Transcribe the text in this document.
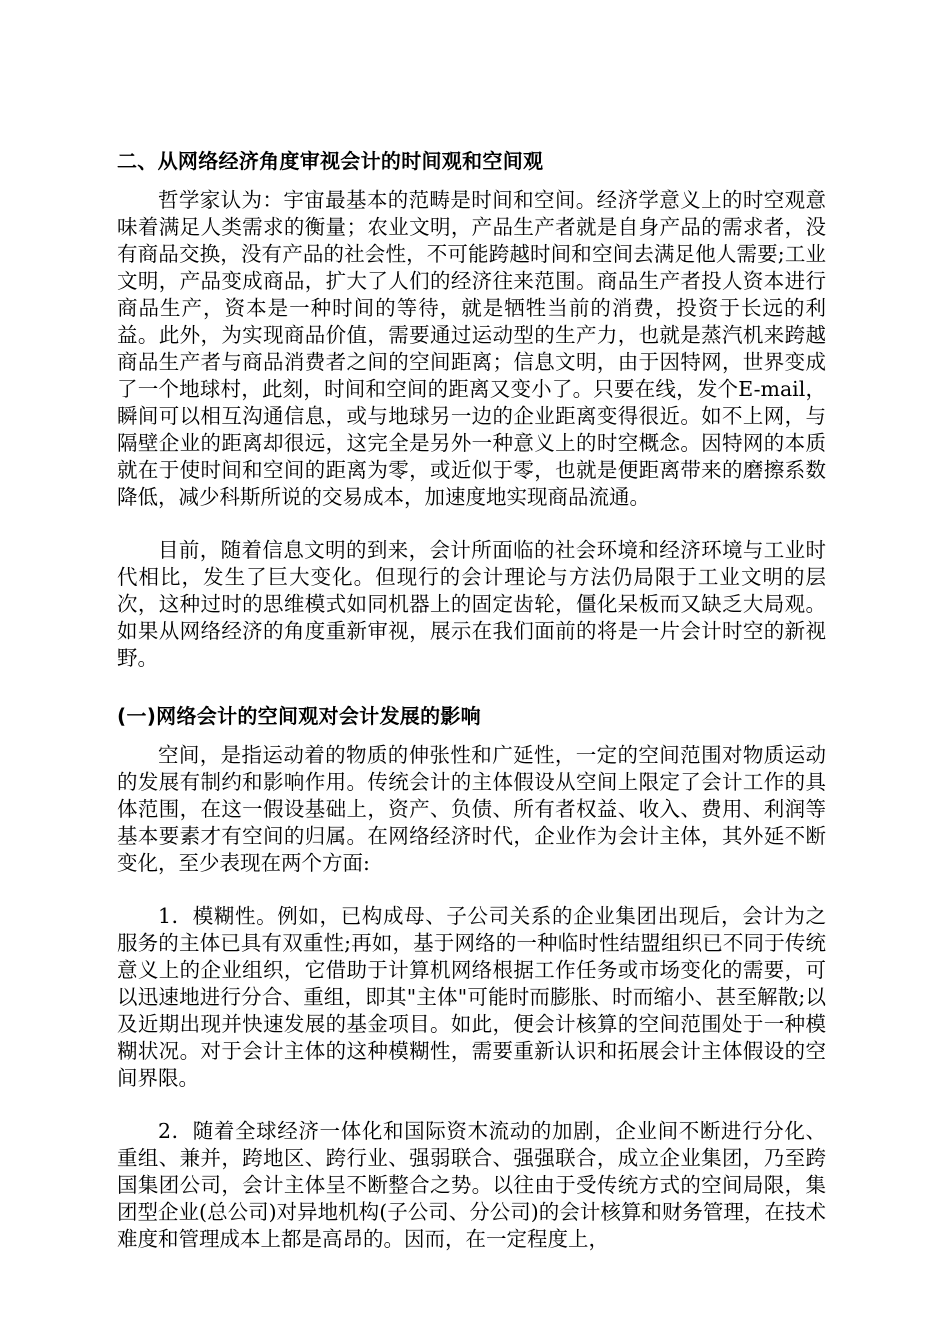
二、从网络经济角度审视会计的时间观和空间观

哲学家认为：宇宙最基本的范畴是时间和空间。经济学意义上的时空观意味着满足人类需求的衡量；农业文明，产品生产者就是自身产品的需求者，没有商品交换，没有产品的社会性，不可能跨越时间和空间去满足他人需要;工业文明，产品变成商品，扩大了人们的经济往来范围。商品生产者投人资本进行商品生产，资本是一种时间的等待，就是牺牲当前的消费，投资于长远的利益。此外，为实现商品价值，需要通过运动型的生产力，也就是蒸汽机来跨越商品生产者与商品消费者之间的空间距离；信息文明，由于因特网，世界变成了一个地球村，此刻，时间和空间的距离又变小了。只要在线，发个E-mail，瞬间可以相互沟通信息，或与地球另一边的企业距离变得很近。如不上网，与隔壁企业的距离却很远，这完全是另外一种意义上的时空概念。因特网的本质就在于使时间和空间的距离为零，或近似于零，也就是便距离带来的磨擦系数降低，减少科斯所说的交易成本，加速度地实现商品流通。

目前，随着信息文明的到来，会计所面临的社会环境和经济环境与工业时代相比，发生了巨大变化。但现行的会计理论与方法仍局限于工业文明的层次，这种过时的思维模式如同机器上的固定齿轮，僵化呆板而又缺乏大局观。如果从网络经济的角度重新审视，展示在我们面前的将是一片会计时空的新视野。

(一)网络会计的空间观对会计发展的影响

空间，是指运动着的物质的伸张性和广延性，一定的空间范围对物质运动的发展有制约和影响作用。传统会计的主体假设从空间上限定了会计工作的具体范围，在这一假设基础上，资产、负债、所有者权益、收入、费用、利润等基本要素才有空间的归属。在网络经济时代，企业作为会计主体，其外延不断变化，至少表现在两个方面:

1．模糊性。例如，已构成母、子公司关系的企业集团出现后，会计为之服务的主体已具有双重性;再如，基于网络的一种临时性结盟组织已不同于传统意义上的企业组织，它借助于计算机网络根据工作任务或市场变化的需要，可以迅速地进行分合、重组，即其"主体"可能时而膨胀、时而缩小、甚至解散;以及近期出现并快速发展的基金项目。如此，便会计核算的空间范围处于一种模糊状况。对于会计主体的这种模糊性，需要重新认识和拓展会计主体假设的空间界限。

2．随着全球经济一体化和国际资木流动的加剧，企业间不断进行分化、重组、兼并，跨地区、跨行业、强弱联合、强强联合，成立企业集团，乃至跨国集团公司，会计主体呈不断整合之势。以往由于受传统方式的空间局限，集团型企业(总公司)对异地机构(子公司、分公司)的会计核算和财务管理，在技术难度和管理成本上都是高昂的。因而，在一定程度上，
